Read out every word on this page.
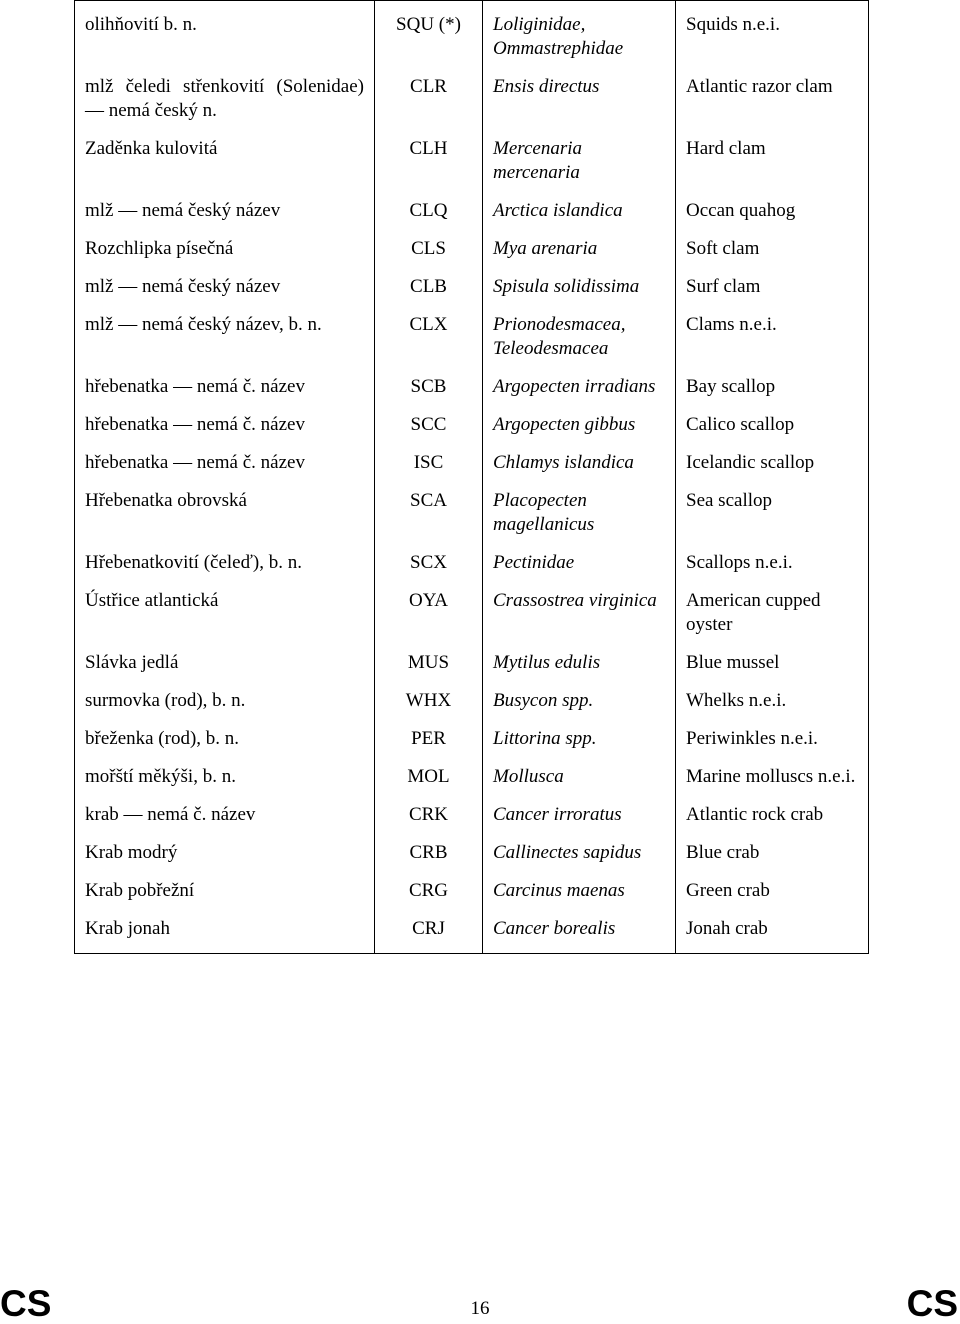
olihňovití b. n.	SQU (*)	Loliginidae, Ommastrephidae	Squids n.e.i.
mlž čeledi střenkovití (Solenidae) — nemá český n.	CLR	Ensis directus	Atlantic razor clam
Zaděnka kulovitá	CLH	Mercenaria mercenaria	Hard clam
mlž — nemá český název	CLQ	Arctica islandica	Occan quahog
Rozchlipka písečná	CLS	Mya arenaria	Soft clam
mlž — nemá český název	CLB	Spisula solidissima	Surf clam
mlž — nemá český název, b. n.	CLX	Prionodesmacea, Teleodesmacea	Clams n.e.i.
hřebenatka — nemá č. název	SCB	Argopecten irradians	Bay scallop
hřebenatka — nemá č. název	SCC	Argopecten gibbus	Calico scallop
hřebenatka — nemá č. název	ISC	Chlamys islandica	Icelandic scallop
Hřebenatka obrovská	SCA	Placopecten magellanicus	Sea scallop
Hřebenatkovití (čeleď), b. n.	SCX	Pectinidae	Scallops n.e.i.
Ústřice atlantická	OYA	Crassostrea virginica	American cupped oyster
Slávka jedlá	MUS	Mytilus edulis	Blue mussel
surmovka (rod), b. n.	WHX	Busycon spp.	Whelks n.e.i.
břeženka (rod), b. n.	PER	Littorina spp.	Periwinkles n.e.i.
mořští měkýši, b. n.	MOL	Mollusca	Marine molluscs n.e.i.
krab — nemá č. název	CRK	Cancer irroratus	Atlantic rock crab
Krab modrý	CRB	Callinectes sapidus	Blue crab
Krab pobřežní	CRG	Carcinus maenas	Green crab
Krab jonah	CRJ	Cancer borealis	Jonah crab
CS	16	CS
